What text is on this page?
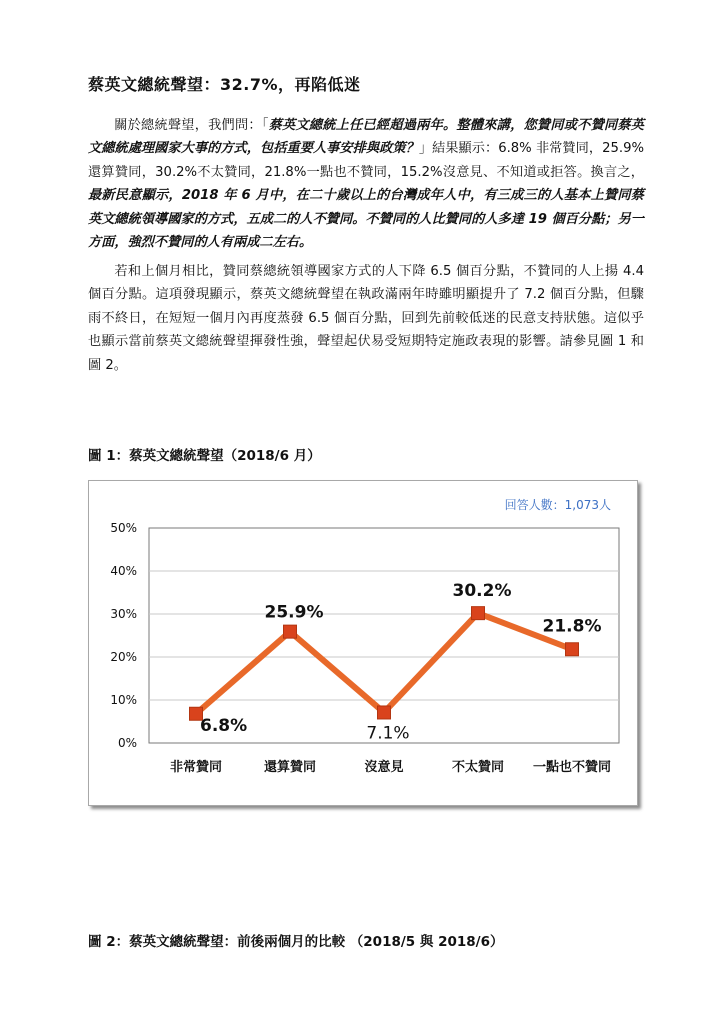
蔡英文總統聲望：32.7%，再陷低迷

關於總統聲望，我們問：「蔡英文總統上任已經超過兩年。整體來講，您贊同或不贊同蔡英文總統處理國家大事的方式，包括重要人事安排與政策？」結果顯示：6.8% 非常贊同，25.9%還算贊同，30.2%不太贊同，21.8%一點也不贊同，15.2%沒意見、不知道或拒答。換言之，最新民意顯示，2018 年 6 月中，在二十歲以上的台灣成年人中，有三成三的人基本上贊同蔡英文總統領導國家的方式，五成二的人不贊同。不贊同的人比贊同的人多達 19 個百分點；另一方面，強烈不贊同的人有兩成二左右。

若和上個月相比，贊同蔡總統領導國家方式的人下降 6.5 個百分點，不贊同的人上揚 4.4 個百分點。這項發現顯示，蔡英文總統聲望在執政滿兩年時雖明顯提升了 7.2 個百分點，但驟雨不終日，在短短一個月內再度蒸發 6.5 個百分點，回到先前較低迷的民意支持狀態。這似乎也顯示當前蔡英文總統聲望揮發性強，聲望起伏易受短期特定施政表現的影響。請參見圖 1 和圖 2。

圖 1：蔡英文總統聲望（2018/6 月）
0%
10%
20%
30%
40%
50%
非常贊同	還算贊同	沒意見	不太贊同 一點也不贊同
6.8%
25.9%
7.1%
30.2%
21.8%
回答人數：1,073人
圖 2：蔡英文總統聲望：前後兩個月的比較 （2018/5 與 2018/6）
